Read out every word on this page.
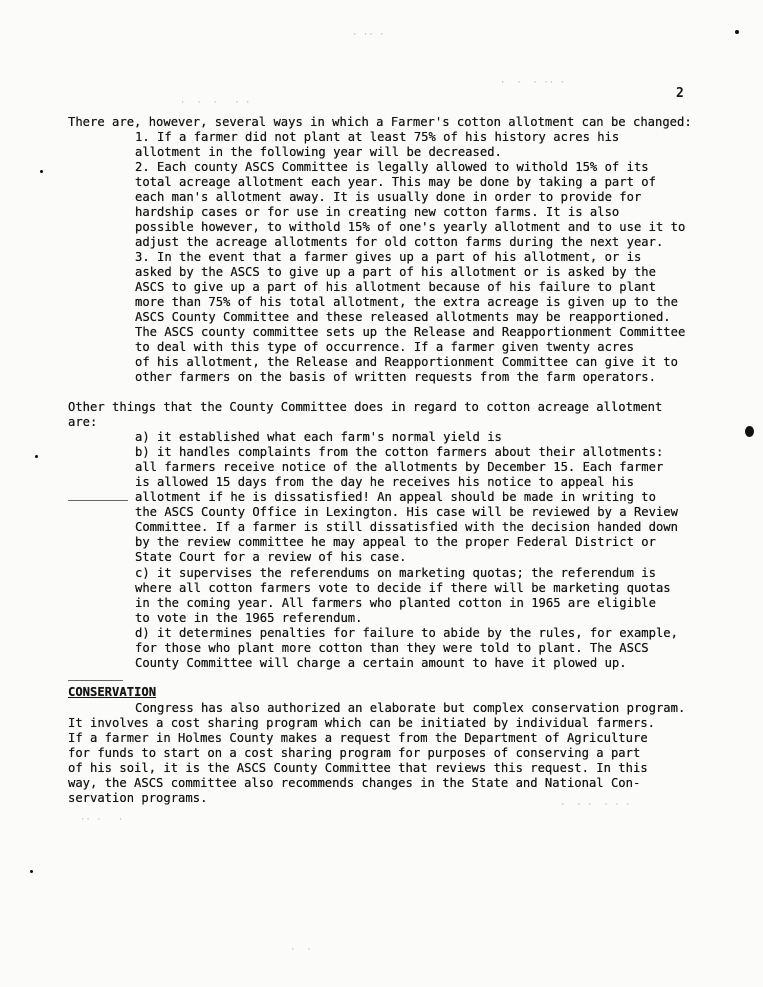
2
· ·· ·
·  ·  · ·· ·
·  ·  ·   · ·
·  · ·  · · ·
·· ·   ·
·  ·
There are, however, several ways in which a Farmer's cotton allotment can be changed:
1. If a farmer did not plant at least 75% of his history acres his
allotment in the following year will be decreased.
2. Each county ASCS Committee is legally allowed to withold 15% of its
total acreage allotment each year. This may be done by taking a part of
each man's allotment away. It is usually done in order to provide for
hardship cases or for use in creating new cotton farms. It is also
possible however, to withold 15% of one's yearly allotment and to use it to
adjust the acreage allotments for old cotton farms during the next year.
3. In the event that a farmer gives up a part of his allotment, or is
asked by the ASCS to give up a part of his allotment or is asked by the
ASCS to give up a part of his allotment because of his failure to plant
more than 75% of his total allotment, the extra acreage is given up to the
ASCS County Committee and these released allotments may be reapportioned.
The ASCS county committee sets up the Release and Reapportionment Committee
to deal with this type of occurrence. If a farmer given twenty acres
of his allotment, the Release and Reapportionment Committee can give it to
other farmers on the basis of written requests from the farm operators.
Other things that the County Committee does in regard to cotton acreage allotment
are:
a) it established what each farm's normal yield is
b) it handles complaints from the cotton farmers about their allotments:
all farmers receive notice of the allotments by December 15. Each farmer
is allowed 15 days from the day he receives his notice to appeal his
allotment if he is dissatisfied! An appeal should be made in writing to
the ASCS County Office in Lexington. His case will be reviewed by a Review
Committee. If a farmer is still dissatisfied with the decision handed down
by the review committee he may appeal to the proper Federal District or
State Court for a review of his case.
c) it supervises the referendums on marketing quotas; the referendum is
where all cotton farmers vote to decide if there will be marketing quotas
in the coming year. All farmers who planted cotton in 1965 are eligible
to vote in the 1965 referendum.
d) it determines penalties for failure to abide by the rules, for example,
for those who plant more cotton than they were told to plant. The ASCS
County Committee will charge a certain amount to have it plowed up.
CONSERVATION
Congress has also authorized an elaborate but complex conservation program.
It involves a cost sharing program which can be initiated by individual farmers.
If a farmer in Holmes County makes a request from the Department of Agriculture
for funds to start on a cost sharing program for purposes of conserving a part
of his soil, it is the ASCS County Committee that reviews this request. In this
way, the ASCS committee also recommends changes in the State and National Con-
servation programs.
